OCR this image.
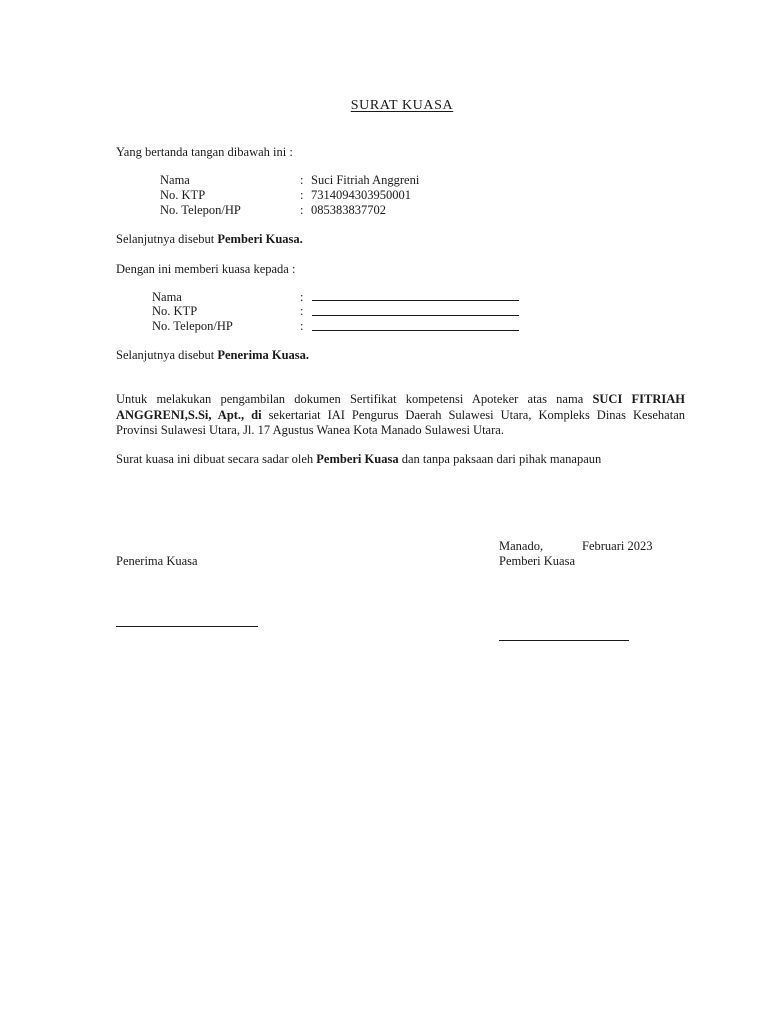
SURAT KUASA
Yang bertanda tangan dibawah ini :
Nama	: Suci Fitriah Anggreni
No. KTP	: 7314094303950001
No. Telepon/HP	: 085383837702
Selanjutnya disebut Pemberi Kuasa.
Dengan ini memberi kuasa kepada :
Nama	:
No. KTP	:
No. Telepon/HP	:
Selanjutnya disebut Penerima Kuasa.
Untuk melakukan pengambilan dokumen Sertifikat kompetensi Apoteker atas nama SUCI FITRIAH ANGGRENI,S.Si, Apt., di sekertariat IAI Pengurus Daerah Sulawesi Utara, Kompleks Dinas Kesehatan Provinsi Sulawesi Utara, Jl. 17 Agustus Wanea Kota Manado Sulawesi Utara.
Surat kuasa ini dibuat secara sadar oleh Pemberi Kuasa dan tanpa paksaan dari pihak manapaun
Manado,	Februari 2023
Penerima Kuasa	Pemberi Kuasa
